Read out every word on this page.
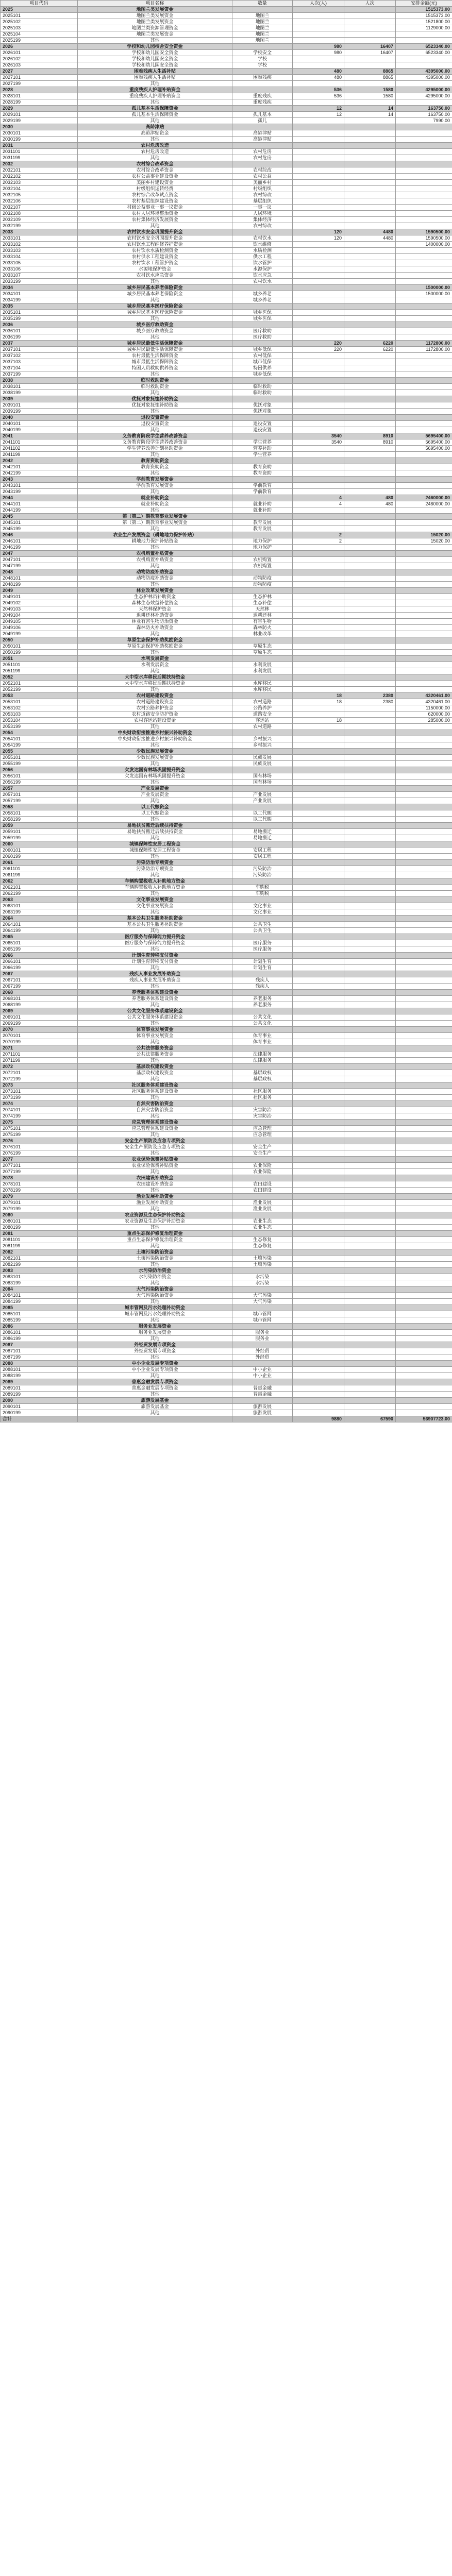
项目代码	项目名称	数量	人次(人)	人次	安排金额(元)
2025	地图兰类发展资金				1515373.00
2025101	地图兰类发展资金	地图兰			1515373.00
2025102	地图兰类发展资金	地图兰			1521800.00
2025103	地图兰类资源管理资金	地图兰			1129000.00
2025104	地图兰类发展资金	地图兰			
2025199	其他	地图兰			
2026	学校和幼儿园校舍安全资金		980	16407	6523340.00
2026101	学校和幼儿园安全资金	学校安全	980	16407	6523340.00
2026102	学校和幼儿园安全资金	学校			
2026103	学校和幼儿园安全资金	学校			
2027	困难残疾人生活补贴		480	8865	4395000.00
2027101	困难残疾人生活补贴	困难残疾	480	8865	4395000.00
2027199	其他				
2028	重度残疾人护理补贴资金		536	1580	4295000.00
2028101	重度残疾人护理补贴资金	重度残疾	536	1580	4295000.00
2028199	其他	重度残疾			
2029	孤儿基本生活保障资金		12	14	163750.00
2029101	孤儿基本生活保障资金	孤儿基本	12	14	163750.00
2029199	其他	孤儿			7990.00
2030	高龄津贴				
2030101	高龄津贴资金	高龄津贴			
2030199	其他	高龄津贴			
2031	农村危房改造				
2031101	农村危房改造	农村危房			
2031199	其他	农村危房			
2032	农村综合改革资金				
2032101	农村综合改革资金	农村综改			
2032102	农村公益事业建设资金	农村公益			
2032103	美丽乡村建设资金	美丽乡村			
2032104	村级组织运转经费	村级组织			
2032105	农村综合改革试点资金	农村综改			
2032106	农村基层组织建设资金	基层组织			
2032107	村级公益事业一事一议资金	一事一议			
2032108	农村人居环境整治资金	人居环境			
2032109	农村集体经济发展资金	集体经济			
2032199	其他	农村综改			
2033	农村饮水安全巩固提升资金		120	4480	1590500.00
2033101	农村饮水安全巩固提升资金	农村饮水	120	4480	1590500.00
2033102	农村饮水工程维修养护资金	饮水维修			1400000.00
2033103	农村饮水水质检测资金	水质检测			
2033104	农村供水工程建设资金	供水工程			
2033105	农村饮水工程管护资金	饮水管护			
2033106	水源地保护资金	水源保护			
2033107	农村饮水应急资金	饮水应急			
2033199	其他	农村饮水			
2034	城乡居民基本养老保险资金				1500000.00
2034101	城乡居民基本养老保险资金	城乡养老			1500000.00
2034199	其他	城乡养老			
2035	城乡居民基本医疗保险资金				
2035101	城乡居民基本医疗保险资金	城乡医保			
2035199	其他	城乡医保			
2036	城乡医疗救助资金				
2036101	城乡医疗救助资金	医疗救助			
2036199	其他	医疗救助			
2037	城乡居民最低生活保障资金		220	6220	1172800.00
2037101	城乡居民最低生活保障资金	城乡低保	220	6220	1172800.00
2037102	农村最低生活保障资金	农村低保			
2037103	城市最低生活保障资金	城市低保			
2037104	特困人员救助供养资金	特困供养			
2037199	其他	城乡低保			
2038	临时救助资金				
2038101	临时救助资金	临时救助			
2038199	其他	临时救助			
2039	优抚对象抚恤补助资金				
2039101	优抚对象抚恤补助资金	优抚对象			
2039199	其他	优抚对象			
2040	退役安置资金				
2040101	退役安置资金	退役安置			
2040199	其他	退役安置			
2041	义务教育阶段学生营养改善资金		3540	8910	5695400.00
2041101	义务教育阶段学生营养改善资金	学生营养	3540	8910	5695400.00
2041102	学生营养改善计划补助资金	营养补助			5695400.00
2041199	其他	学生营养			
2042	教育资助资金				
2042101	教育资助资金	教育资助			
2042199	其他	教育资助			
2043	学前教育发展资金				
2043101	学前教育发展资金	学前教育			
2043199	其他	学前教育			
2044	就业补助资金		4	480	2460000.00
2044101	就业补助资金	就业补助	4	480	2460000.00
2044199	其他	就业补助			
2045	第（第二）期教育事业发展资金				
2045101	第（第二）期教育事业发展资金	教育发展			
2045199	其他	教育发展			
2046	农业生产发展资金（耕地地力保护补贴）		2		15020.00
2046101	耕地地力保护补贴资金	地力保护	2		15020.00
2046199	其他	地力保护			
2047	农机购置补贴资金				
2047101	农机购置补贴资金	农机购置			
2047199	其他	农机购置			
2048	动物防疫补助资金				
2048101	动物防疫补助资金	动物防疫			
2048199	其他	动物防疫			
2049	林业改革发展资金				
2049101	生态护林员补助资金	生态护林			
2049102	森林生态效益补偿资金	生态补偿			
2049103	天然林保护资金	天然林			
2049104	退耕还林补助资金	退耕还林			
2049105	林业有害生物防治资金	有害生物			
2049106	森林防火补助资金	森林防火			
2049199	其他	林业改革			
2050	草原生态保护补助奖励资金				
2050101	草原生态保护补助奖励资金	草原生态			
2050199	其他	草原生态			
2051	水利发展资金				
2051101	水利发展资金	水利发展			
2051199	其他	水利发展			
2052	大中型水库移民后期扶持资金				
2052101	大中型水库移民后期扶持资金	水库移民			
2052199	其他	水库移民			
2053	农村道路建设资金		18	2380	4320461.00
2053101	农村道路建设资金	农村道路	18	2380	4320461.00
2053102	农村公路养护资金	公路养护			1150000.00
2053103	农村道路安全防护资金	道路安全			620000.00
2053104	农村客运站建设资金	客运站	18		285000.00
2053199	其他	农村道路			
2054	中央财政衔接推进乡村振兴补助资金				
2054101	中央财政衔接推进乡村振兴补助资金	乡村振兴			
2054199	其他	乡村振兴			
2055	少数民族发展资金				
2055101	少数民族发展资金	民族发展			
2055199	其他	民族发展			
2056	欠发达国有林场巩固提升资金				
2056101	欠发达国有林场巩固提升资金	国有林场			
2056199	其他	国有林场			
2057	产业发展资金				
2057101	产业发展资金	产业发展			
2057199	其他	产业发展			
2058	以工代赈资金				
2058101	以工代赈资金	以工代赈			
2058199	其他	以工代赈			
2059	易地扶贫搬迁后续扶持资金				
2059101	易地扶贫搬迁后续扶持资金	易地搬迁			
2059199	其他	易地搬迁			
2060	城镇保障性安居工程资金				
2060101	城镇保障性安居工程资金	安居工程			
2060199	其他	安居工程			
2061	污染防治专项资金				
2061101	污染防治专项资金	污染防治			
2061199	其他	污染防治			
2062	车辆购置税收入补助地方资金				
2062101	车辆购置税收入补助地方资金	车购税			
2062199	其他	车购税			
2063	文化事业发展资金				
2063101	文化事业发展资金	文化事业			
2063199	其他	文化事业			
2064	基本公共卫生服务补助资金				
2064101	基本公共卫生服务补助资金	公共卫生			
2064199	其他	公共卫生			
2065	医疗服务与保障能力提升资金				
2065101	医疗服务与保障能力提升资金	医疗服务			
2065199	其他	医疗服务			
2066	计划生育转移支付资金				
2066101	计划生育转移支付资金	计划生育			
2066199	其他	计划生育			
2067	残疾人事业发展补助资金				
2067101	残疾人事业发展补助资金	残疾人			
2067199	其他	残疾人			
2068	养老服务体系建设资金				
2068101	养老服务体系建设资金	养老服务			
2068199	其他	养老服务			
2069	公共文化服务体系建设资金				
2069101	公共文化服务体系建设资金	公共文化			
2069199	其他	公共文化			
2070	体育事业发展资金				
2070101	体育事业发展资金	体育事业			
2070199	其他	体育事业			
2071	公共法律服务资金				
2071101	公共法律服务资金	法律服务			
2071199	其他	法律服务			
2072	基层政权建设资金				
2072101	基层政权建设资金	基层政权			
2072199	其他	基层政权			
2073	社区服务体系建设资金				
2073101	社区服务体系建设资金	社区服务			
2073199	其他	社区服务			
2074	自然灾害防治资金				
2074101	自然灾害防治资金	灾害防治			
2074199	其他	灾害防治			
2075	应急管理体系建设资金				
2075101	应急管理体系建设资金	应急管理			
2075199	其他	应急管理			
2076	安全生产预防及应急专项资金				
2076101	安全生产预防及应急专项资金	安全生产			
2076199	其他	安全生产			
2077	农业保险保费补贴资金				
2077101	农业保险保费补贴资金	农业保险			
2077199	其他	农业保险			
2078	农田建设补助资金				
2078101	农田建设补助资金	农田建设			
2078199	其他	农田建设			
2079	渔业发展补助资金				
2079101	渔业发展补助资金	渔业发展			
2079199	其他	渔业发展			
2080	农业资源及生态保护补助资金				
2080101	农业资源及生态保护补助资金	农业生态			
2080199	其他	农业生态			
2081	重点生态保护修复治理资金				
2081101	重点生态保护修复治理资金	生态修复			
2081199	其他	生态修复			
2082	土壤污染防治资金				
2082101	土壤污染防治资金	土壤污染			
2082199	其他	土壤污染			
2083	水污染防治资金				
2083101	水污染防治资金	水污染			
2083199	其他	水污染			
2084	大气污染防治资金				
2084101	大气污染防治资金	大气污染			
2084199	其他	大气污染			
2085	城市管网及污水处理补助资金				
2085101	城市管网及污水处理补助资金	城市管网			
2085199	其他	城市管网			
2086	服务业发展资金				
2086101	服务业发展资金	服务业			
2086199	其他	服务业			
2087	外经贸发展专项资金				
2087101	外经贸发展专项资金	外经贸			
2087199	其他	外经贸			
2088	中小企业发展专项资金				
2088101	中小企业发展专项资金	中小企业			
2088199	其他	中小企业			
2089	普惠金融发展专项资金				
2089101	普惠金融发展专项资金	普惠金融			
2089199	其他	普惠金融			
2090	旅游发展基金				
2090101	旅游发展基金	旅游发展			
2090199	其他	旅游发展			
合计			9880	67590	56907723.00
